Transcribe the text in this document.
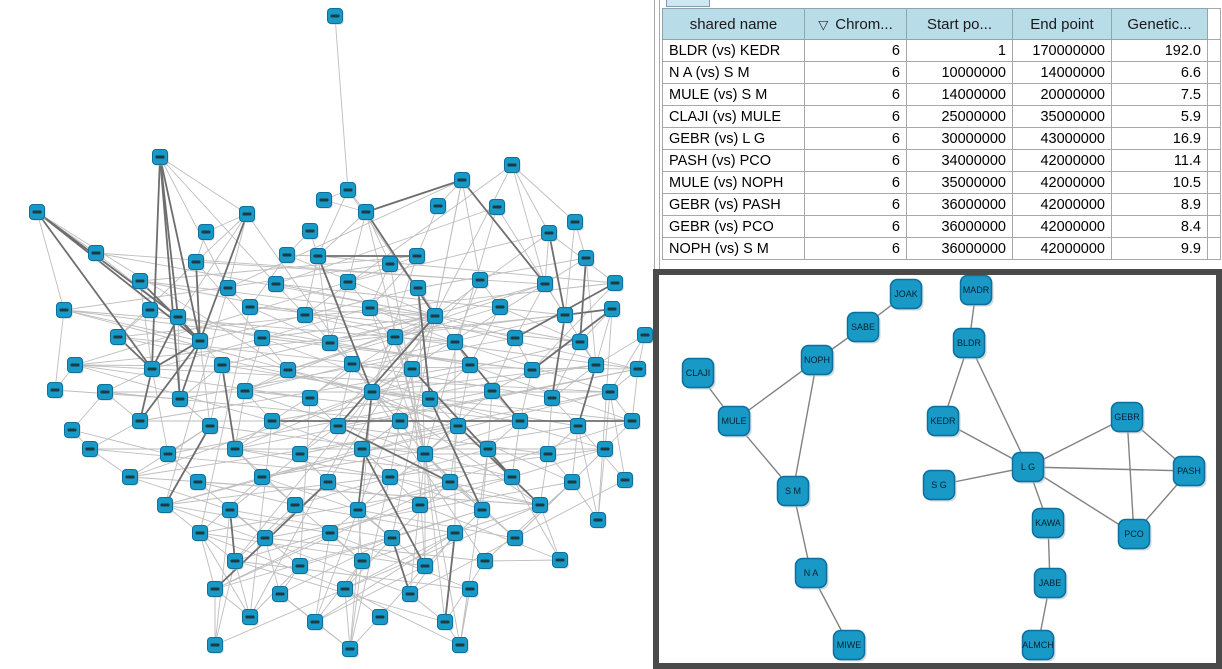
shared name	▽ Chrom...	Start po...	End point	Genetic...	
BLDR (vs) KEDR	6	1	170000000	192.0	
N A (vs) S M	6	10000000	14000000	6.6	
MULE (vs) S M	6	14000000	20000000	7.5	
CLAJI (vs) MULE	6	25000000	35000000	5.9	
GEBR (vs) L G	6	30000000	43000000	16.9	
PASH (vs) PCO	6	34000000	42000000	11.4	
MULE (vs) NOPH	6	35000000	42000000	10.5	
GEBR (vs) PASH	6	36000000	42000000	8.9	
GEBR (vs) PCO	6	36000000	42000000	8.4	
NOPH (vs) S M	6	36000000	42000000	9.9	
JOAK	MADR
SABE
BLDR
NOPH
CLAJI
MULE	KEDR	GEBR
L G	PASH
S G
S M
KAWA
PCO
N A
JABE
MIWE	ALMCH
